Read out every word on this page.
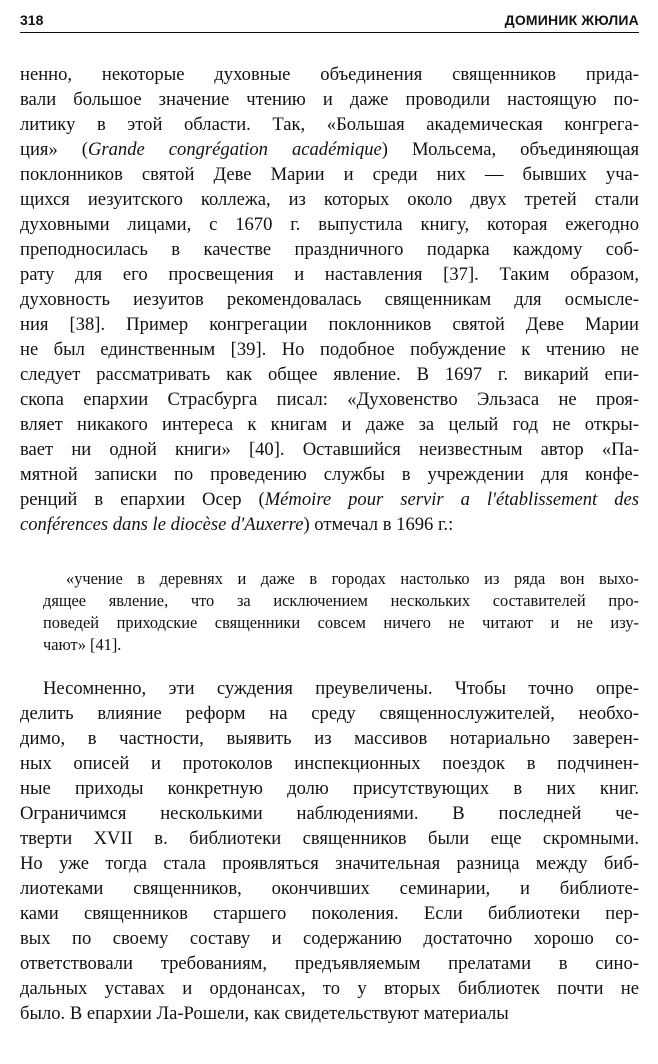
318	ДОМИНИК ЖЮЛИА
ненно, некоторые духовные объединения священников прида-
вали большое значение чтению и даже проводили настоящую по-
литику в этой области. Так, «Большая академическая конгрега-
ция» (Grande congrégation académique) Мольсема, объединяющая
поклонников святой Деве Марии и среди них — бывших уча-
щихся иезуитского коллежа, из которых около двух третей стали
духовными лицами, с 1670 г. выпустила книгу, которая ежегодно
преподносилась в качестве праздничного подарка каждому соб-
рату для его просвещения и наставления [37]. Таким образом,
духовность иезуитов рекомендовалась священникам для осмысле-
ния [38]. Пример конгрегации поклонников святой Деве Марии
не был единственным [39]. Но подобное побуждение к чтению не
следует рассматривать как общее явление. В 1697 г. викарий епи-
скопа епархии Страсбурга писал: «Духовенство Эльзаса не проя-
вляет никакого интереса к книгам и даже за целый год не откры-
вает ни одной книги» [40]. Оставшийся неизвестным автор «Па-
мятной записки по проведению службы в учреждении для конфе-
ренций в епархии Осер (Mémoire pour servir a l'établissement des
conférences dans le diocèse d'Auxerre) отмечал в 1696 г.:
«учение в деревнях и даже в городах настолько из ряда вон выхо-
дящее явление, что за исключением нескольких составителей про-
поведей приходские священники совсем ничего не читают и не изу-
чают» [41].
Несомненно, эти суждения преувеличены. Чтобы точно опре-
делить влияние реформ на среду священнослужителей, необхо-
димо, в частности, выявить из массивов нотариально заверен-
ных описей и протоколов инспекционных поездок в подчинен-
ные приходы конкретную долю присутствующих в них книг.
Ограничимся несколькими наблюдениями. В последней че-
тверти XVII в. библиотеки священников были еще скромными.
Но уже тогда стала проявляться значительная разница между биб-
лиотеками священников, окончивших семинарии, и библиоте-
ками священников старшего поколения. Если библиотеки пер-
вых по своему составу и содержанию достаточно хорошо со-
ответствовали требованиям, предъявляемым прелатами в сино-
дальных уставах и ордонансах, то у вторых библиотек почти не
было. В епархии Ла-Рошели, как свидетельствуют материалы
